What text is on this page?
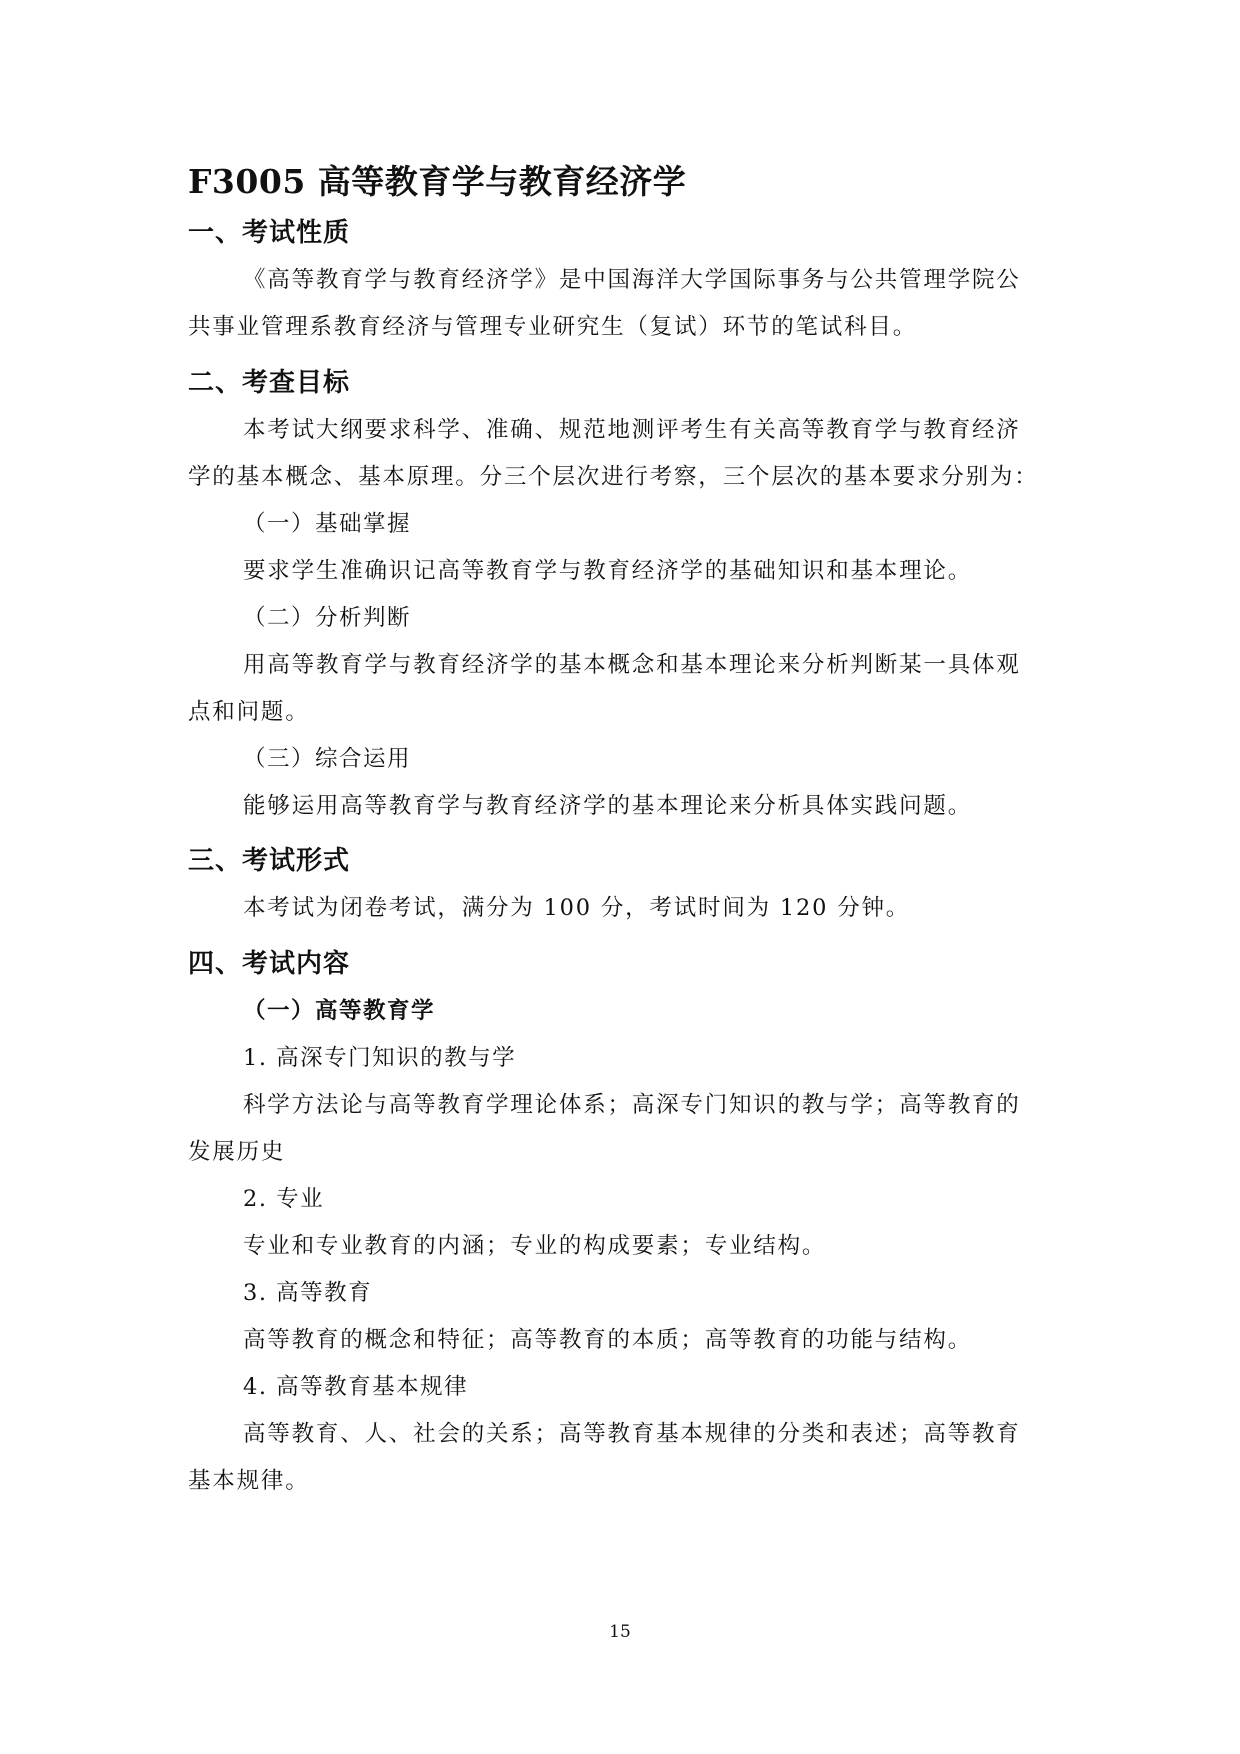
F3005 高等教育学与教育经济学
一、考试性质

《高等教育学与教育经济学》是中国海洋大学国际事务与公共管理学院公

共事业管理系教育经济与管理专业研究生（复试）环节的笔试科目。

二、考查目标

本考试大纲要求科学、准确、规范地测评考生有关高等教育学与教育经济

学的基本概念、基本原理。分三个层次进行考察，三个层次的基本要求分别为：

（一）基础掌握

要求学生准确识记高等教育学与教育经济学的基础知识和基本理论。

（二）分析判断

用高等教育学与教育经济学的基本概念和基本理论来分析判断某一具体观

点和问题。

（三）综合运用

能够运用高等教育学与教育经济学的基本理论来分析具体实践问题。

三、考试形式

本考试为闭卷考试，满分为 100 分，考试时间为 120 分钟。

四、考试内容

（一）高等教育学

1. 高深专门知识的教与学

科学方法论与高等教育学理论体系；高深专门知识的教与学；高等教育的

发展历史

2. 专业

专业和专业教育的内涵；专业的构成要素；专业结构。

3. 高等教育

高等教育的概念和特征；高等教育的本质；高等教育的功能与结构。

4. 高等教育基本规律

高等教育、人、社会的关系；高等教育基本规律的分类和表述；高等教育

基本规律。

15
